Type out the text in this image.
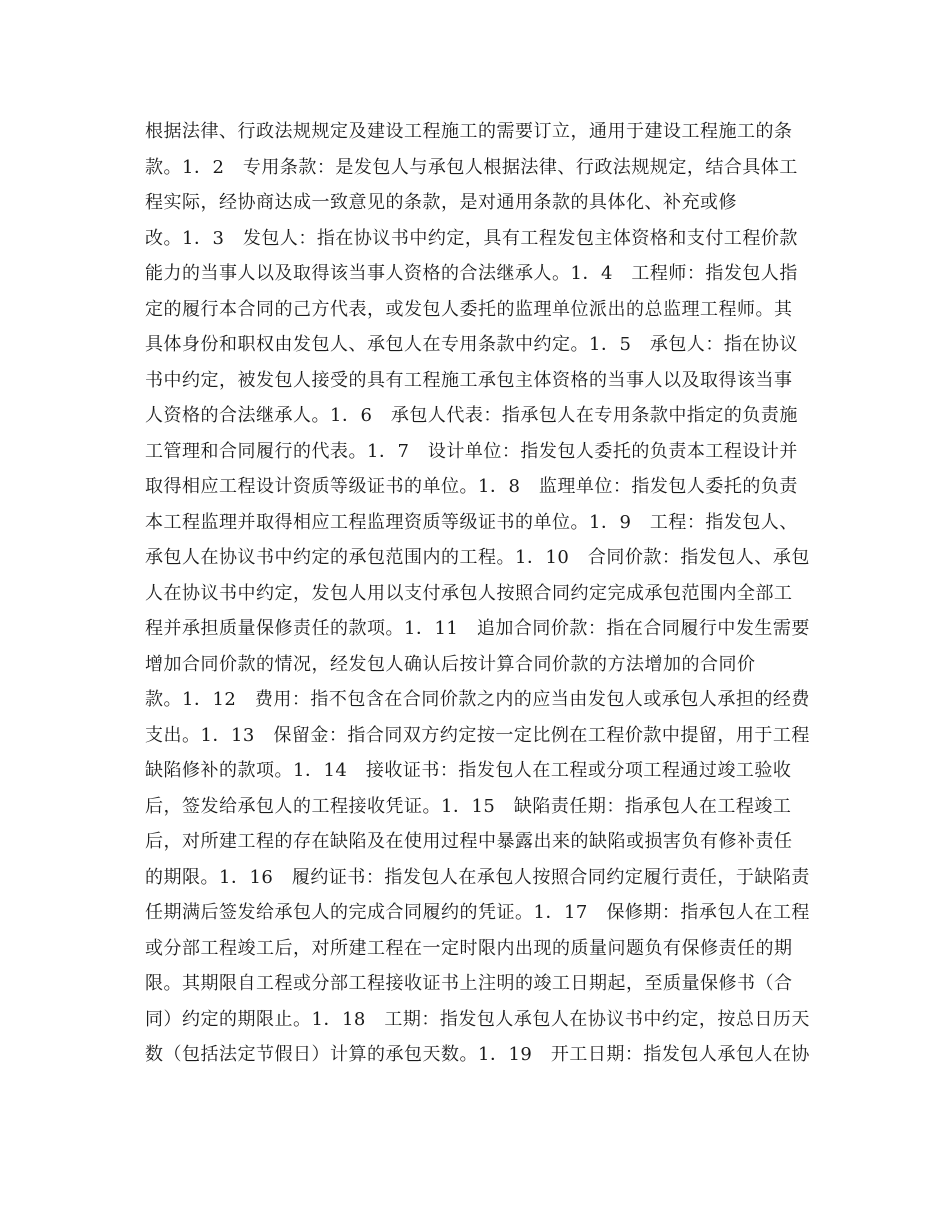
根据法律、行政法规规定及建设工程施工的需要订立，通用于建设工程施工的条
款。1．2　专用条款：是发包人与承包人根据法律、行政法规规定，结合具体工
程实际，经协商达成一致意见的条款，是对通用条款的具体化、补充或修
改。1．3　发包人：指在协议书中约定，具有工程发包主体资格和支付工程价款
能力的当事人以及取得该当事人资格的合法继承人。1．4　工程师：指发包人指
定的履行本合同的己方代表，或发包人委托的监理单位派出的总监理工程师。其
具体身份和职权由发包人、承包人在专用条款中约定。1．5　承包人：指在协议
书中约定，被发包人接受的具有工程施工承包主体资格的当事人以及取得该当事
人资格的合法继承人。1．6　承包人代表：指承包人在专用条款中指定的负责施
工管理和合同履行的代表。1．7　设计单位：指发包人委托的负责本工程设计并
取得相应工程设计资质等级证书的单位。1．8　监理单位：指发包人委托的负责
本工程监理并取得相应工程监理资质等级证书的单位。1．9　工程：指发包人、
承包人在协议书中约定的承包范围内的工程。1．10　合同价款：指发包人、承包
人在协议书中约定，发包人用以支付承包人按照合同约定完成承包范围内全部工
程并承担质量保修责任的款项。1．11　追加合同价款：指在合同履行中发生需要
增加合同价款的情况，经发包人确认后按计算合同价款的方法增加的合同价
款。1．12　费用：指不包含在合同价款之内的应当由发包人或承包人承担的经费
支出。1．13　保留金：指合同双方约定按一定比例在工程价款中提留，用于工程
缺陷修补的款项。1．14　接收证书：指发包人在工程或分项工程通过竣工验收
后，签发给承包人的工程接收凭证。1．15　缺陷责任期：指承包人在工程竣工
后，对所建工程的存在缺陷及在使用过程中暴露出来的缺陷或损害负有修补责任
的期限。1．16　履约证书：指发包人在承包人按照合同约定履行责任，于缺陷责
任期满后签发给承包人的完成合同履约的凭证。1．17　保修期：指承包人在工程
或分部工程竣工后，对所建工程在一定时限内出现的质量问题负有保修责任的期
限。其期限自工程或分部工程接收证书上注明的竣工日期起，至质量保修书（合
同）约定的期限止。1．18　工期：指发包人承包人在协议书中约定，按总日历天
数（包括法定节假日）计算的承包天数。1．19　开工日期：指发包人承包人在协
